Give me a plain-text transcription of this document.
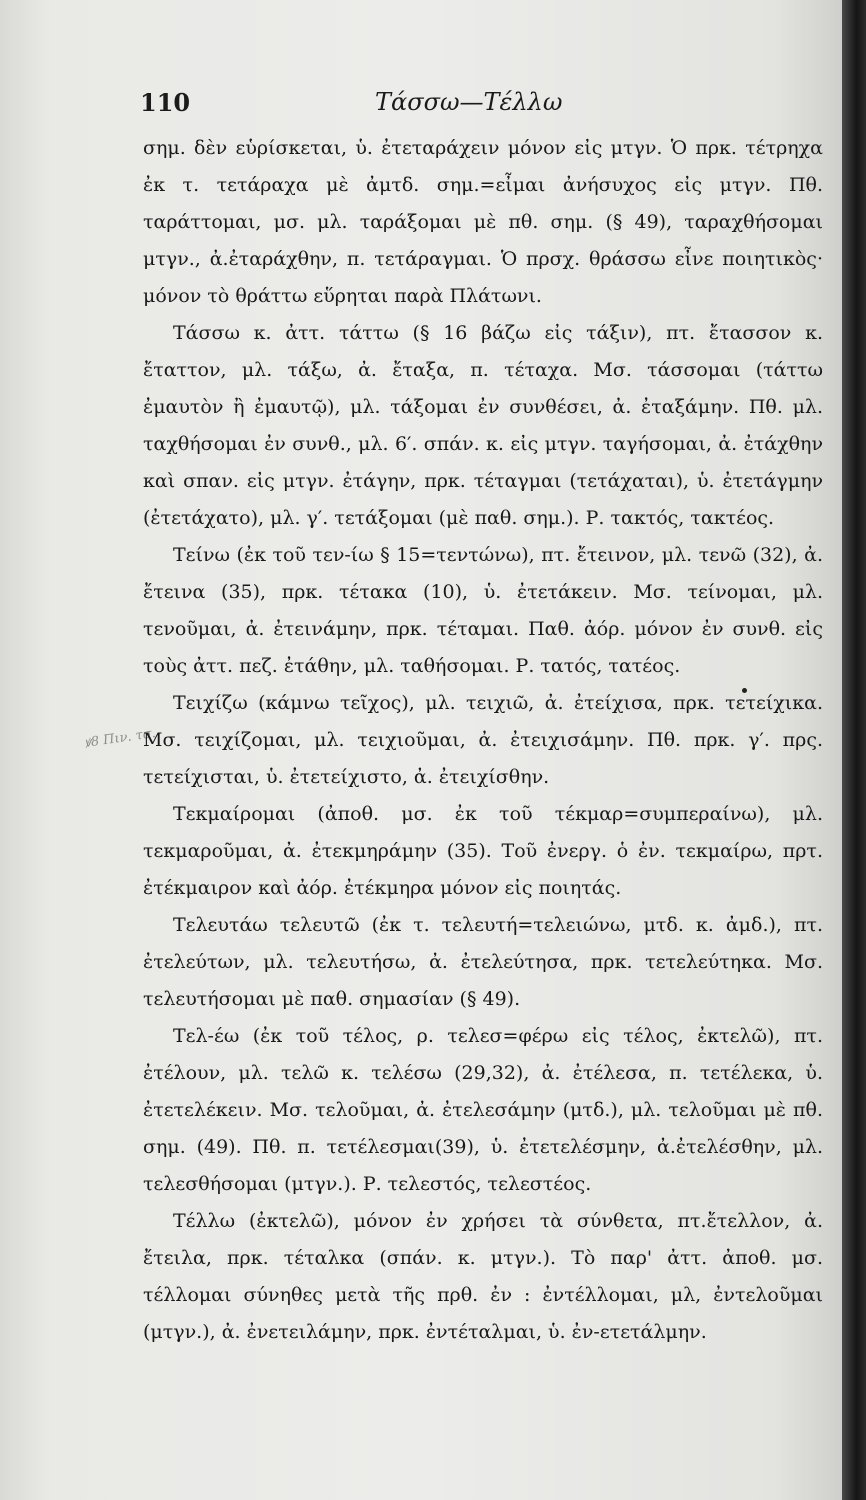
110	Τάσσω—Τέλλω
ꝟ8 Πιν. τσ.

σημ. δὲν εὑρίσκεται, ὑ. ἐτεταράχειν μόνον εἰς μτγν. Ὁ πρκ. τέτρηχα ἐκ τ. τετάραχα μὲ ἀμτδ. σημ.=εἶμαι ἀνήσυχος εἰς μτγν. Πθ. ταράττομαι, μσ. μλ. ταράξομαι μὲ πθ. σημ. (§ 49), ταραχθήσομαι μτγν., ἀ.ἐταράχθην, π. τετάραγμαι. Ὁ πρσχ. θράσσω εἶνε ποιητικὸς· μόνον τὸ θράττω εὕρηται παρὰ Πλάτωνι.

Τάσσω κ. ἀττ. τάττω (§ 16 βάζω εἰς τάξιν), πτ. ἔτασσον κ. ἔταττον, μλ. τάξω, ἀ. ἔταξα, π. τέταχα. Μσ. τάσσομαι (τάττω ἐμαυτὸν ἢ ἐμαυτῷ), μλ. τάξομαι ἐν συνθέσει, ἀ. ἐταξάμην. Πθ. μλ. ταχθήσομαι ἐν συνθ., μλ. 6′. σπάν. κ. εἰς μτγν. ταγήσομαι, ἀ. ἐτάχθην καὶ σπαν. εἰς μτγν. ἐτάγην, πρκ. τέταγμαι (τετάχαται), ὑ. ἐτετάγμην (ἐτετάχατο), μλ. γ′. τετάξομαι (μὲ παθ. σημ.). Ρ. τακτός, τακτέος.

Τείνω (ἐκ τοῦ τεν-ίω § 15=τεντώνω), πτ. ἔτεινον, μλ. τενῶ (32), ἀ. ἔτεινα (35), πρκ. τέτακα (10), ὑ. ἐτετάκειν. Μσ. τείνομαι, μλ. τενοῦμαι, ἀ. ἐτεινάμην, πρκ. τέταμαι. Παθ. ἀόρ. μόνον ἐν συνθ. εἰς τοὺς ἀττ. πεζ. ἐτάθην, μλ. ταθήσομαι. Ρ. τατός, τατέος.

Τειχίζω (κάμνω τεῖχος), μλ. τειχιῶ, ἀ. ἐτείχισα, πρκ. τετείχικα. Μσ. τειχίζομαι, μλ. τειχιοῦμαι, ἀ. ἐτειχισάμην. Πθ. πρκ. γ′. πρς. τετείχισται, ὑ. ἐτετείχιστο, ἀ. ἐτειχίσθην.

Τεκμαίρομαι (ἀποθ. μσ. ἐκ τοῦ τέκμαρ=συμπεραίνω), μλ. τεκμαροῦμαι, ἀ. ἐτεκμηράμην (35). Τοῦ ἐνεργ. ὁ ἐν. τεκμαίρω, πρτ. ἐτέκμαιρον καὶ ἀόρ. ἐτέκμηρα μόνον εἰς ποιητάς.

Τελευτάω τελευτῶ (ἐκ τ. τελευτή=τελειώνω, μτδ. κ. ἀμδ.), πτ. ἐτελεύτων, μλ. τελευτήσω, ἀ. ἐτελεύτησα, πρκ. τετελεύτηκα. Μσ. τελευτήσομαι μὲ παθ. σημασίαν (§ 49).

Τελ-έω (ἐκ τοῦ τέλος, ρ. τελεσ=φέρω εἰς τέλος, ἐκτελῶ), πτ. ἐτέλουν, μλ. τελῶ κ. τελέσω (29,32), ἀ. ἐτέλεσα, π. τετέλεκα, ὑ. ἐτετελέκειν. Μσ. τελοῦμαι, ἀ. ἐτελεσάμην (μτδ.), μλ. τελοῦμαι μὲ πθ. σημ. (49). Πθ. π. τετέλεσμαι(39), ὑ. ἐτετελέσμην, ἀ.ἐτελέσθην, μλ. τελεσθήσομαι (μτγν.). Ρ. τελεστός, τελεστέος.

Τέλλω (ἐκτελῶ), μόνον ἐν χρήσει τὰ σύνθετα, πτ.ἔτελλον, ἀ. ἔτειλα, πρκ. τέταλκα (σπάν. κ. μτγν.). Τὸ παρ' ἀττ. ἀποθ. μσ. τέλλομαι σύνηθες μετὰ τῆς πρθ. ἐν : ἐντέλλομαι, μλ, ἐντελοῦμαι (μτγν.), ἀ. ἐνετειλάμην, πρκ. ἐντέταλμαι, ὑ. ἐν-ετετάλμην.
